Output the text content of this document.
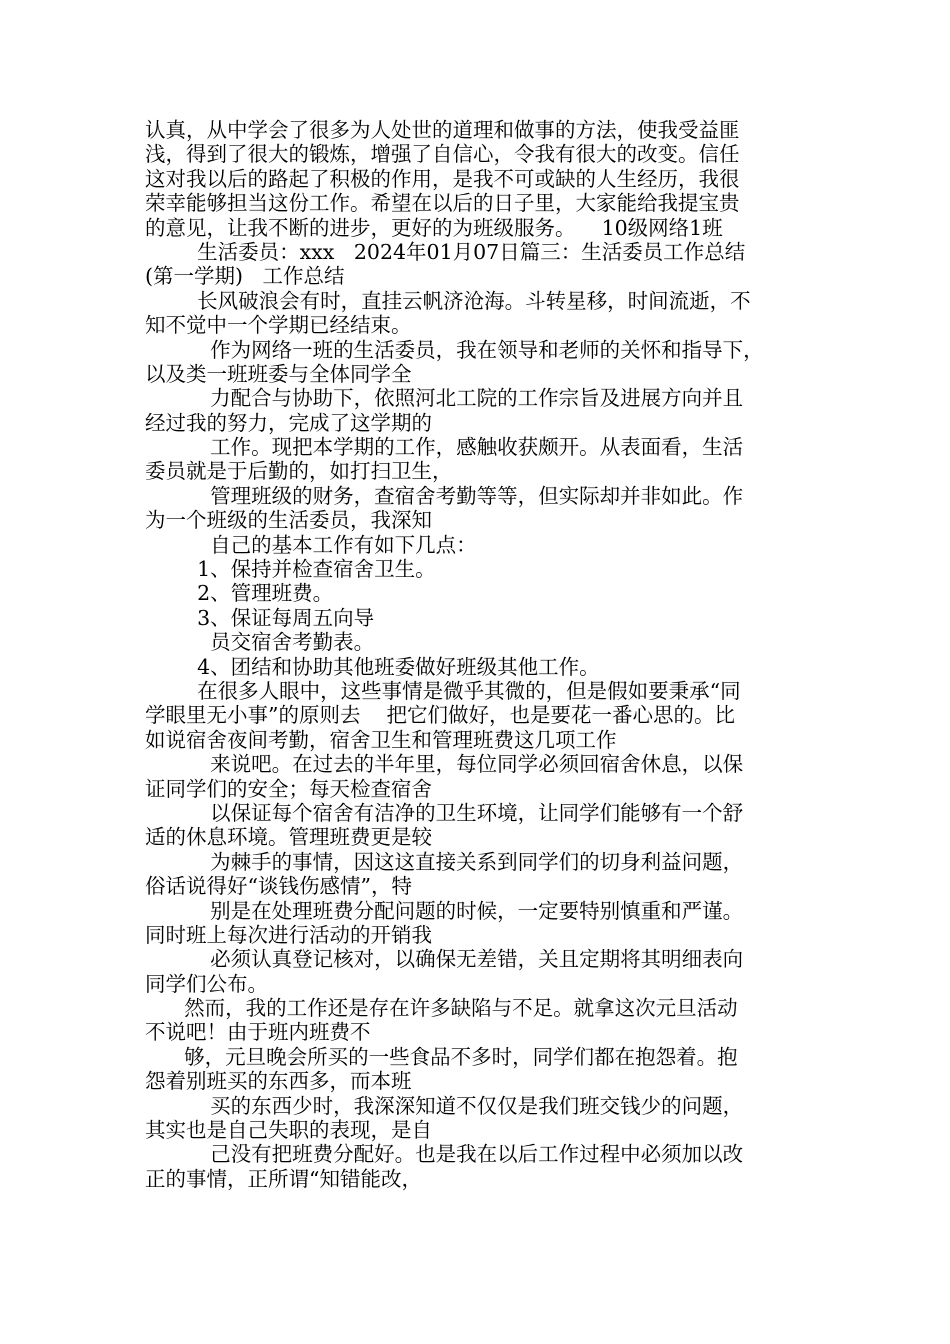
认真，从中学会了很多为人处世的道理和做事的方法，使我受益匪
浅，得到了很大的锻炼，增强了自信心，令我有很大的改变。信任
这对我以后的路起了积极的作用，是我不可或缺的人生经历，我很
荣幸能够担当这份工作。希望在以后的日子里，大家能给我提宝贵
的意见，让我不断的进步，更好的为班级服务。    10级网络1班
生活委员：xxx   2024年01月07日篇三：生活委员工作总结
(第一学期)   工作总结
长风破浪会有时，直挂云帆济沧海。斗转星移，时间流逝，不
知不觉中一个学期已经结束。
作为网络一班的生活委员，我在领导和老师的关怀和指导下，
以及类一班班委与全体同学全
力配合与协助下，依照河北工院的工作宗旨及进展方向并且
经过我的努力，完成了这学期的
工作。现把本学期的工作，感触收获颇开。从表面看，生活
委员就是于后勤的，如打扫卫生，
管理班级的财务，查宿舍考勤等等，但实际却并非如此。作
为一个班级的生活委员，我深知
自己的基本工作有如下几点：
1、保持并检查宿舍卫生。
2、管理班费。
3、保证每周五向导
员交宿舍考勤表。
4、团结和协助其他班委做好班级其他工作。
在很多人眼中，这些事情是微乎其微的，但是假如要秉承“同
学眼里无小事”的原则去    把它们做好，也是要花一番心思的。比
如说宿舍夜间考勤，宿舍卫生和管理班费这几项工作
来说吧。在过去的半年里，每位同学必须回宿舍休息，以保
证同学们的安全；每天检查宿舍
以保证每个宿舍有洁净的卫生环境，让同学们能够有一个舒
适的休息环境。管理班费更是较
为棘手的事情，因这这直接关系到同学们的切身利益问题，
俗话说得好“谈钱伤感情”，特
别是在处理班费分配问题的时候，一定要特别慎重和严谨。
同时班上每次进行活动的开销我
必须认真登记核对，以确保无差错，关且定期将其明细表向
同学们公布。
然而，我的工作还是存在许多缺陷与不足。就拿这次元旦活动
不说吧！由于班内班费不
够，元旦晚会所买的一些食品不多时，同学们都在抱怨着。抱
怨着别班买的东西多，而本班
买的东西少时，我深深知道不仅仅是我们班交钱少的问题，
其实也是自己失职的表现，是自
己没有把班费分配好。也是我在以后工作过程中必须加以改
正的事情，正所谓“知错能改，
